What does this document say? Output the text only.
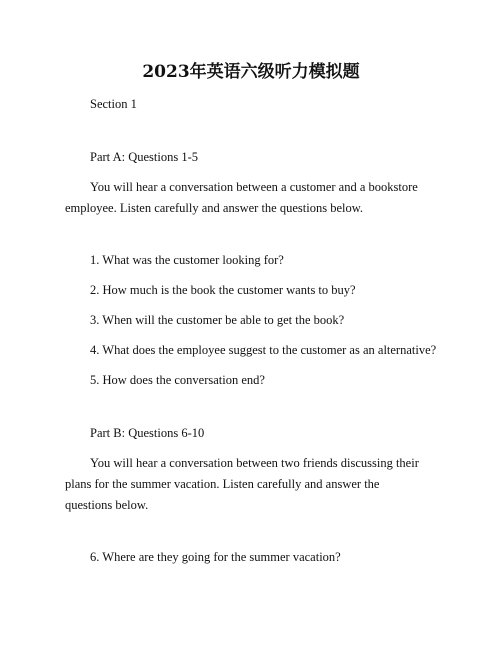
2023年英语六级听力模拟题

Section 1

Part A: Questions 1-5

You will hear a conversation between a customer and a bookstore

employee. Listen carefully and answer the questions below.

1. What was the customer looking for?

2. How much is the book the customer wants to buy?

3. When will the customer be able to get the book?

4. What does the employee suggest to the customer as an alternative?

5. How does the conversation end?

Part B: Questions 6-10

You will hear a conversation between two friends discussing their

plans for the summer vacation. Listen carefully and answer the

questions below.

6. Where are they going for the summer vacation?
